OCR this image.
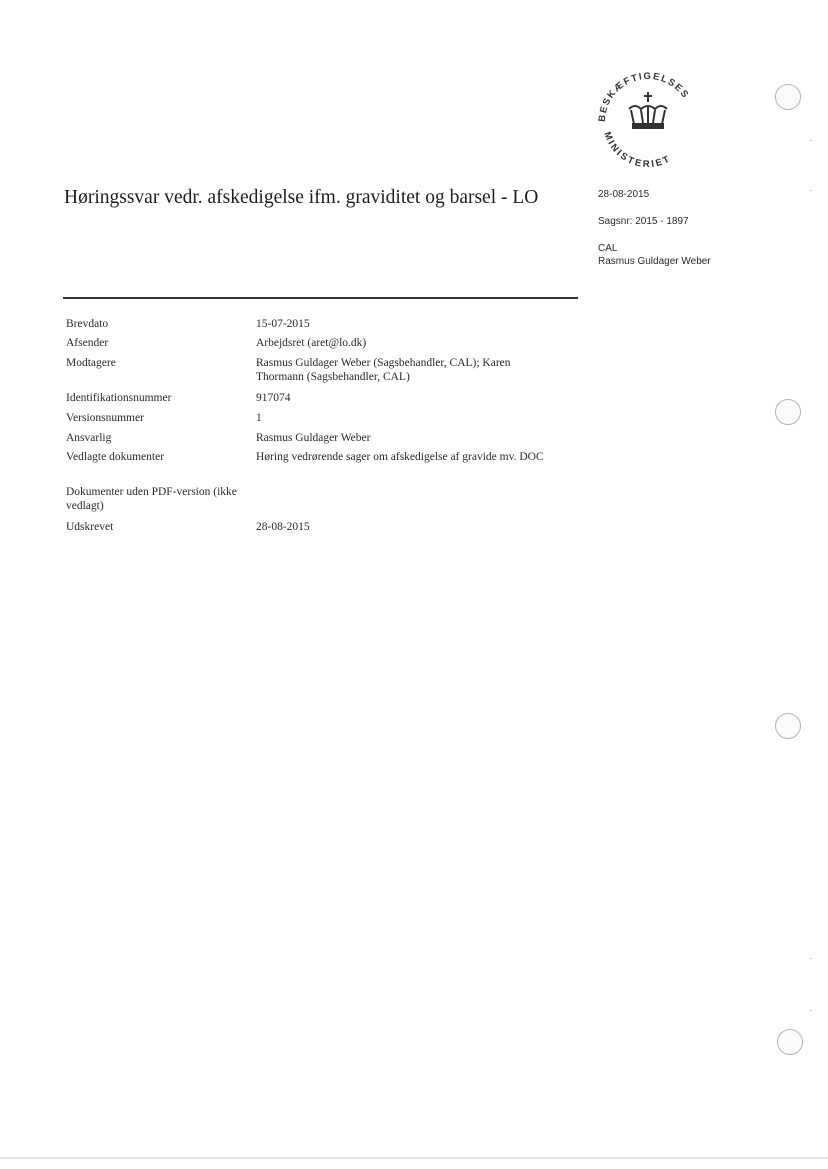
BESKÆFTIGELSES
MINISTERIET
28-08-2015
Sagsnr: 2015 - 1897
CAL
Rasmus Guldager Weber
Høringssvar vedr. afskedigelse ifm. graviditet og barsel - LO
Brevdato	15-07-2015
Afsender	Arbejdsret (aret@lo.dk)
Modtagere	Rasmus Guldager Weber (Sagsbehandler, CAL); Karen Thormann (Sagsbehandler, CAL)
Identifikationsnummer	917074
Versionsnummer	1
Ansvarlig	Rasmus Guldager Weber
Vedlagte dokumenter	Høring vedrørende sager om afskedigelse af gravide mv. DOC
Dokumenter uden PDF-version (ikke vedlagt)
Udskrevet	28-08-2015
